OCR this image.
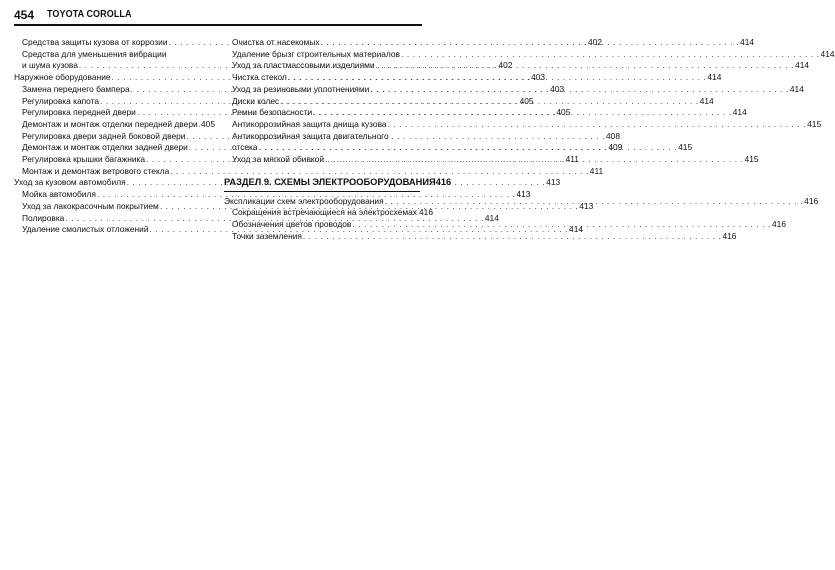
454 TOYOTA COROLLA
Средства защиты кузова от коррозии . . .	402
Средства для уменьшения вибрации
и шума кузова . . .	402
Наружное оборудование . . .	403
Замена переднего бампера . . .	403
Регулировка капота . . .	405
Регулировка передней двери . . .	405
Демонтаж и монтаж отделки передней двери . . . 405
Регулировка двери задней боковой двери . . .	408
Демонтаж и монтаж отделки задней двери . . .	409
Регулировка крышки багажника . . .	411
Монтаж и демонтаж ветрового стекла . . .	411
Уход за кузовом автомобиля . . .	413
Мойка автомобиля . . .	413
Уход за лакокрасочным покрытием . . .	413
Полировка . . .	414
Удаление смолистых отложений . . .	414
Очистка от насекомых . . .	414
Удаление брызг строительных материалов . . .	414
Уход за пластмассовыми изделиями . . .	414
Чистка стекол . . .	414
Уход за резиновыми уплотнениями . . .	414
Диски колес . . .	414
Ремни безопасности . . .	414
Антикоррозийная защита днища кузова . . .	415
Антикоррозийная защита двигательного
отсека . . .	415
Уход за мягкой обивкой . . .	415
РАЗДЕЛ 9. СХЕМЫ ЭЛЕКТРООБОРУДОВАНИЯ 416
Экспликации схем электрооборудования . . .	416
Сокращения встречающиеся на электросхемах 416
Обозначения цветов проводов . . .	416
Точки заземления . . .	416
